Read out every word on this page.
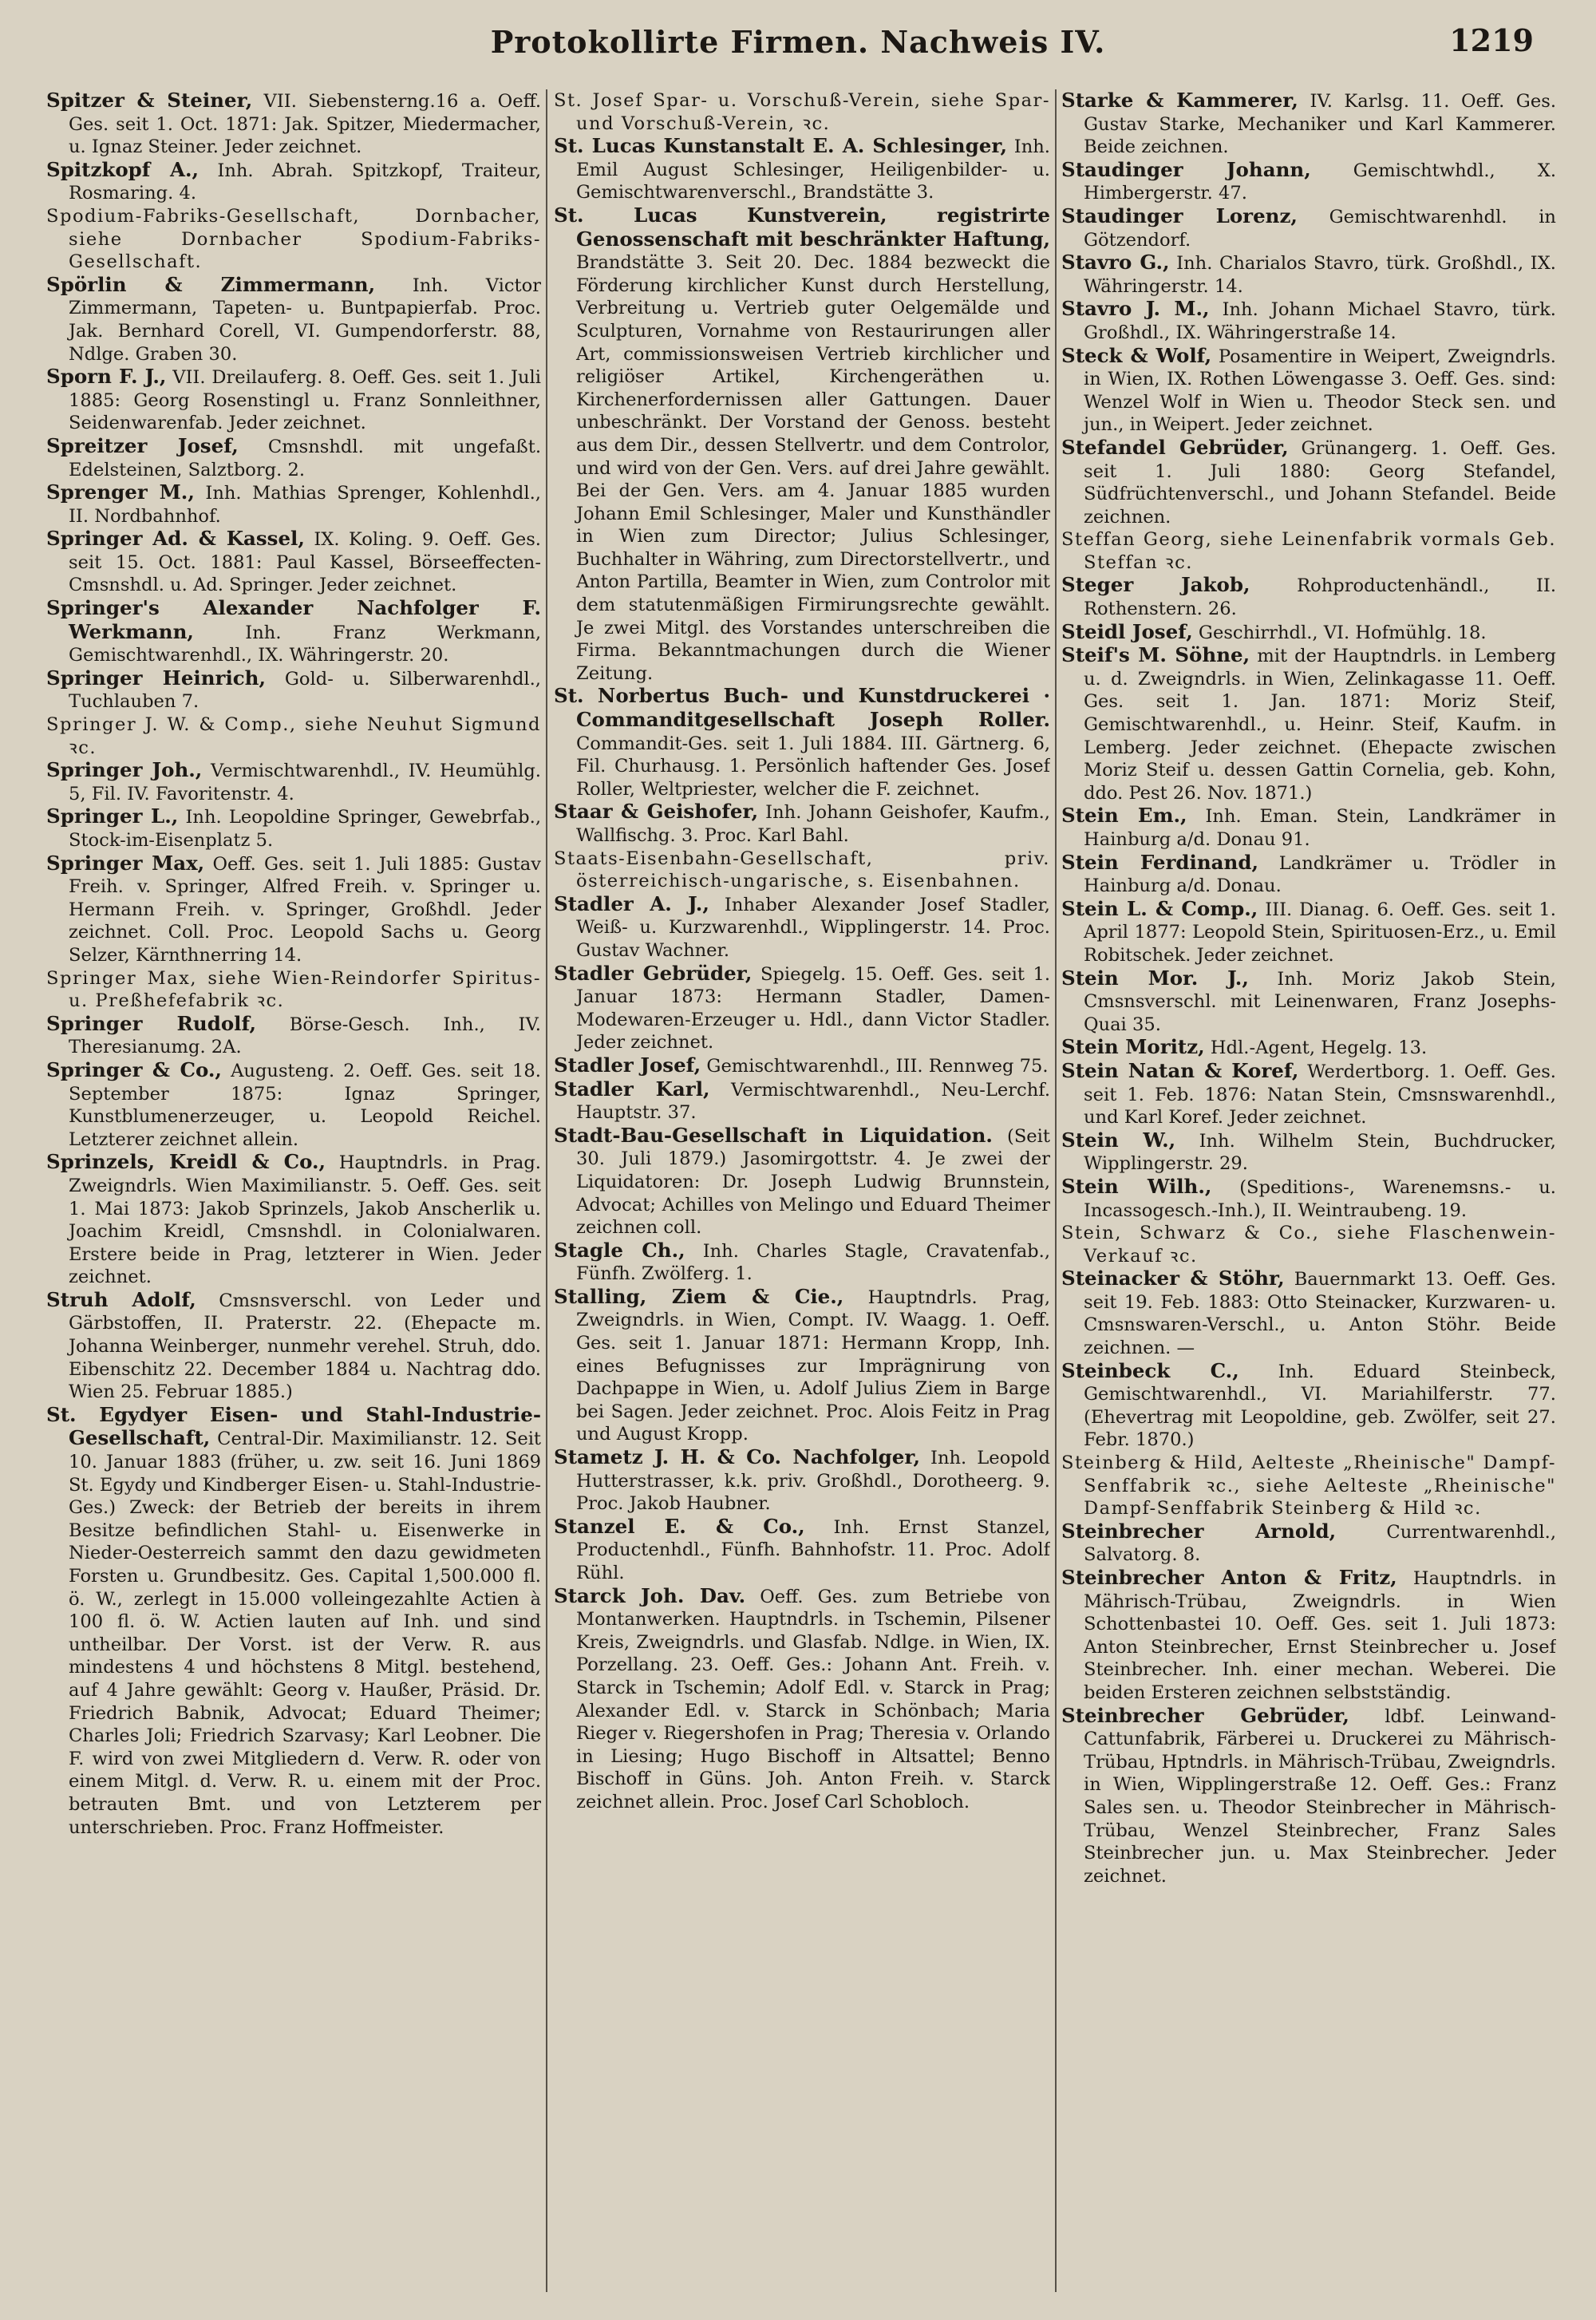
Protokollirte Firmen. Nachweis IV.	1219

Spitzer & Steiner, VII. Siebensterng.16 a. Oeff. Ges. seit 1. Oct. 1871: Jak. Spitzer, Miedermacher, u. Ignaz Steiner. Jeder zeichnet.

Spitzkopf A., Inh. Abrah. Spitzkopf, Traiteur, Rosmaring. 4.

Spodium-Fabriks-Gesellschaft, Dornbacher, siehe Dornbacher Spodium-Fabriks-Gesellschaft.

Spörlin & Zimmermann, Inh. Victor Zimmermann, Tapeten- u. Buntpapierfab. Proc. Jak. Bernhard Corell, VI. Gumpendorferstr. 88, Ndlge. Graben 30.

Sporn F. J., VII. Dreilauferg. 8. Oeff. Ges. seit 1. Juli 1885: Georg Rosenstingl u. Franz Sonnleithner, Seidenwarenfab. Jeder zeichnet.

Spreitzer Josef, Cmsnshdl. mit ungefaßt. Edelsteinen, Salztborg. 2.

Sprenger M., Inh. Mathias Sprenger, Kohlenhdl., II. Nordbahnhof.

Springer Ad. & Kassel, IX. Koling. 9. Oeff. Ges. seit 15. Oct. 1881: Paul Kassel, Börseeffecten-Cmsnshdl. u. Ad. Springer. Jeder zeichnet.

Springer's Alexander Nachfolger F. Werkmann,	Inh. Franz Werkmann, Gemischtwarenhdl., IX. Währingerstr. 20.

Springer Heinrich, Gold- u. Silberwarenhdl., Tuchlauben 7.

Springer J. W. & Comp., siehe Neuhut Sigmund ꝛc.

Springer Joh., Vermischtwarenhdl., IV. Heumühlg. 5, Fil. IV. Favoritenstr. 4.

Springer L., Inh. Leopoldine Springer, Gewebrfab., Stock-im-Eisenplatz 5.

Springer Max, Oeff. Ges. seit 1. Juli 1885: Gustav Freih. v. Springer, Alfred Freih. v. Springer u. Hermann Freih. v. Springer, Großhdl. Jeder zeichnet. Coll. Proc. Leopold Sachs u. Georg Selzer, Kärnthnerring 14.

Springer Max, siehe Wien-Reindorfer Spiritus- u. Preßhefefabrik ꝛc.

Springer Rudolf, Börse-Gesch. Inh., IV. Theresianumg. 2A.

Springer & Co., Augusteng. 2. Oeff. Ges. seit 18. September 1875: Ignaz Springer, Kunstblumenerzeuger, u. Leopold Reichel. Letzterer zeichnet allein.

Sprinzels, Kreidl & Co., Hauptndrls. in Prag. Zweigndrls. Wien Maximilianstr. 5. Oeff. Ges. seit 1. Mai 1873: Jakob Sprinzels, Jakob Anscherlik u. Joachim Kreidl, Cmsnshdl. in Colonialwaren. Erstere beide in Prag, letzterer in Wien. Jeder zeichnet.

Struh Adolf, Cmsnsverschl. von Leder und Gärbstoffen, II. Praterstr. 22. (Ehepacte m. Johanna Weinberger, nunmehr verehel. Struh, ddo. Eibenschitz 22. December 1884 u. Nachtrag ddo. Wien 25. Februar 1885.)

St. Egydyer Eisen- und Stahl-Industrie-Gesellschaft, Central-Dir. Maximilianstr. 12. Seit 10. Januar 1883 (früher, u. zw. seit 16. Juni 1869 St. Egydy und Kindberger Eisen- u. Stahl-Industrie-Ges.) Zweck: der Betrieb der bereits in ihrem Besitze befindlichen Stahl- u. Eisenwerke in Nieder-Oesterreich sammt den dazu gewidmeten Forsten u. Grundbesitz. Ges. Capital 1,500.000 fl. ö. W., zerlegt in 15.000 volleingezahlte Actien à 100 fl. ö. W. Actien lauten auf Inh. und sind untheilbar. Der Vorst. ist der Verw. R. aus mindestens 4 und höchstens 8 Mitgl. bestehend, auf 4 Jahre gewählt: Georg v. Haußer, Präsid. Dr. Friedrich Babnik, Advocat; Eduard Theimer; Charles Joli; Friedrich Szarvasy; Karl Leobner. Die F. wird von zwei Mitgliedern d. Verw. R. oder von einem Mitgl. d. Verw. R. u. einem mit der Proc. betrauten Bmt. und von Letzterem per unterschrieben. Proc. Franz Hoffmeister.

St. Josef Spar- u. Vorschuß-Verein, siehe Spar- und Vorschuß-Verein, ꝛc.

St. Lucas Kunstanstalt E. A. Schlesinger, Inh. Emil August Schlesinger, Heiligenbilder- u. Gemischtwarenverschl., Brandstätte 3.

St. Lucas Kunstverein, registrirte Genossenschaft mit beschränkter Haftung, Brandstätte 3. Seit 20. Dec. 1884 bezweckt die Förderung kirchlicher Kunst durch Herstellung, Verbreitung u. Vertrieb guter Oelgemälde und Sculpturen, Vornahme von Restaurirungen aller Art, commissionsweisen Vertrieb kirchlicher und religiöser Artikel, Kirchengeräthen u. Kirchenerfordernissen aller Gattungen. Dauer unbeschränkt. Der Vorstand der Genoss. besteht aus dem Dir., dessen Stellvertr. und dem Controlor, und wird von der Gen. Vers. auf drei Jahre gewählt. Bei der Gen. Vers. am 4. Januar 1885 wurden Johann Emil Schlesinger, Maler und Kunsthändler in Wien zum Director; Julius Schlesinger, Buchhalter in Währing, zum Directorstellvertr., und Anton Partilla, Beamter in Wien, zum Controlor mit dem statutenmäßigen Firmirungsrechte gewählt. Je zwei Mitgl. des Vorstandes unterschreiben die Firma. Bekanntmachungen durch die Wiener Zeitung.

St. Norbertus Buch- und Kunstdruckerei · Commanditgesellschaft Joseph Roller. Commandit-Ges. seit 1. Juli 1884. III. Gärtnerg. 6, Fil. Churhausg. 1. Persönlich haftender Ges. Josef Roller, Weltpriester, welcher die F. zeichnet.

Staar & Geishofer, Inh. Johann Geishofer, Kaufm., Wallfischg. 3. Proc. Karl Bahl.

Staats-Eisenbahn-Gesellschaft, priv. österreichisch-ungarische, s. Eisenbahnen.

Stadler A. J., Inhaber Alexander Josef Stadler, Weiß- u. Kurzwarenhdl., Wipplingerstr. 14. Proc. Gustav Wachner.

Stadler Gebrüder, Spiegelg. 15. Oeff. Ges. seit 1. Januar 1873: Hermann Stadler, Damen-Modewaren-Erzeuger u. Hdl., dann Victor Stadler. Jeder zeichnet.

Stadler Josef, Gemischtwarenhdl., III. Rennweg 75.

Stadler Karl, Vermischtwarenhdl., Neu-Lerchf. Hauptstr. 37.

Stadt-Bau-Gesellschaft in Liquidation. (Seit 30. Juli 1879.) Jasomirgottstr. 4. Je zwei der Liquidatoren: Dr. Joseph Ludwig Brunnstein, Advocat; Achilles von Melingo und Eduard Theimer zeichnen coll.

Stagle Ch., Inh. Charles Stagle, Cravatenfab., Fünfh. Zwölferg. 1.

Stalling, Ziem & Cie., Hauptndrls. Prag, Zweigndrls. in Wien, Compt. IV. Waagg. 1. Oeff. Ges. seit 1. Januar 1871: Hermann Kropp, Inh. eines Befugnisses zur Imprägnirung von Dachpappe in Wien, u. Adolf Julius Ziem in Barge bei Sagen. Jeder zeichnet. Proc. Alois Feitz in Prag und August Kropp.

Stametz J. H. & Co. Nachfolger, Inh. Leopold Hutterstrasser, k.k. priv. Großhdl., Dorotheerg. 9. Proc. Jakob Haubner.

Stanzel E. & Co., Inh. Ernst Stanzel, Productenhdl., Fünfh. Bahnhofstr. 11. Proc. Adolf Rühl.

Starck Joh. Dav. Oeff. Ges. zum Betriebe von Montanwerken. Hauptndrls. in Tschemin, Pilsener Kreis, Zweigndrls. und Glasfab. Ndlge. in Wien, IX. Porzellang. 23. Oeff. Ges.: Johann Ant. Freih. v. Starck in Tschemin; Adolf Edl. v. Starck in Prag; Alexander Edl. v. Starck in Schönbach; Maria Rieger v. Riegershofen in Prag; Theresia v. Orlando in Liesing; Hugo Bischoff in Altsattel; Benno Bischoff in Güns. Joh. Anton Freih. v. Starck zeichnet allein. Proc. Josef Carl Schobloch.

Starke & Kammerer, IV. Karlsg. 11. Oeff. Ges. Gustav Starke, Mechaniker und Karl Kammerer. Beide zeichnen.

Staudinger Johann, Gemischtwhdl., X. Himbergerstr. 47.

Staudinger Lorenz, Gemischtwarenhdl. in Götzendorf.

Stavro G., Inh. Charialos Stavro, türk. Großhdl., IX. Währingerstr. 14.

Stavro J. M., Inh. Johann Michael Stavro, türk. Großhdl., IX. Währingerstraße 14.

Steck & Wolf, Posamentire in Weipert, Zweigndrls. in Wien, IX. Rothen Löwengasse 3. Oeff. Ges. sind: Wenzel Wolf in Wien u. Theodor Steck sen. und jun., in Weipert. Jeder zeichnet.

Stefandel Gebrüder, Grünangerg. 1. Oeff. Ges. seit 1. Juli 1880: Georg Stefandel, Südfrüchtenverschl., und Johann Stefandel. Beide zeichnen.

Steffan Georg, siehe Leinenfabrik vormals Geb. Steffan ꝛc.

Steger Jakob,	Rohproductenhändl., II. Rothenstern. 26.

Steidl Josef, Geschirrhdl., VI. Hofmühlg. 18.

Steif's M. Söhne, mit der Hauptndrls. in Lemberg u. d. Zweigndrls. in Wien, Zelinkagasse 11. Oeff. Ges. seit 1. Jan. 1871: Moriz Steif, Gemischtwarenhdl., u. Heinr. Steif, Kaufm. in Lemberg. Jeder zeichnet. (Ehepacte zwischen Moriz Steif u. dessen Gattin Cornelia, geb. Kohn, ddo. Pest 26. Nov. 1871.)

Stein Em., Inh. Eman. Stein, Landkrämer in Hainburg a/d. Donau 91.

Stein Ferdinand, Landkrämer u. Trödler in Hainburg a/d. Donau.

Stein L. & Comp., III. Dianag. 6. Oeff. Ges. seit 1. April 1877: Leopold Stein, Spirituosen-Erz., u. Emil Robitschek. Jeder zeichnet.

Stein Mor. J., Inh. Moriz Jakob Stein, Cmsnsverschl. mit Leinenwaren, Franz Josephs-Quai 35.

Stein Moritz, Hdl.-Agent, Hegelg. 13.

Stein Natan & Koref, Werdertborg. 1. Oeff. Ges. seit 1. Feb. 1876: Natan Stein, Cmsnswarenhdl., und Karl Koref. Jeder zeichnet.

Stein W., Inh. Wilhelm Stein, Buchdrucker, Wipplingerstr. 29.

Stein Wilh., (Speditions-, Warenemsns.- u. Incassogesch.-Inh.), II. Weintraubeng. 19.

Stein, Schwarz & Co., siehe Flaschenwein-Verkauf ꝛc.

Steinacker & Stöhr, Bauernmarkt 13. Oeff. Ges. seit 19. Feb. 1883: Otto Steinacker, Kurzwaren- u. Cmsnswaren-Verschl., u. Anton Stöhr. Beide zeichnen. —

Steinbeck C., Inh. Eduard Steinbeck, Gemischtwarenhdl., VI. Mariahilferstr. 77. (Ehevertrag mit Leopoldine, geb. Zwölfer, seit 27. Febr. 1870.)

Steinberg & Hild, Aelteste „Rheinische" Dampf-Senffabrik ꝛc., siehe Aelteste „Rheinische" Dampf-Senffabrik Steinberg & Hild ꝛc.

Steinbrecher Arnold,	Currentwarenhdl., Salvatorg. 8.

Steinbrecher Anton & Fritz, Hauptndrls. in Mährisch-Trübau, Zweigndrls. in Wien Schottenbastei 10. Oeff. Ges. seit 1. Juli 1873: Anton Steinbrecher, Ernst Steinbrecher u. Josef Steinbrecher. Inh. einer mechan. Weberei. Die beiden Ersteren zeichnen selbstständig.

Steinbrecher Gebrüder, ldbf. Leinwand-Cattunfabrik, Färberei u. Druckerei zu Mährisch-Trübau, Hptndrls. in Mährisch-Trübau, Zweigndrls. in Wien, Wipplingerstraße 12. Oeff. Ges.: Franz Sales sen. u. Theodor Steinbrecher in Mährisch-Trübau, Wenzel Steinbrecher, Franz Sales Steinbrecher jun. u. Max Steinbrecher. Jeder zeichnet.
